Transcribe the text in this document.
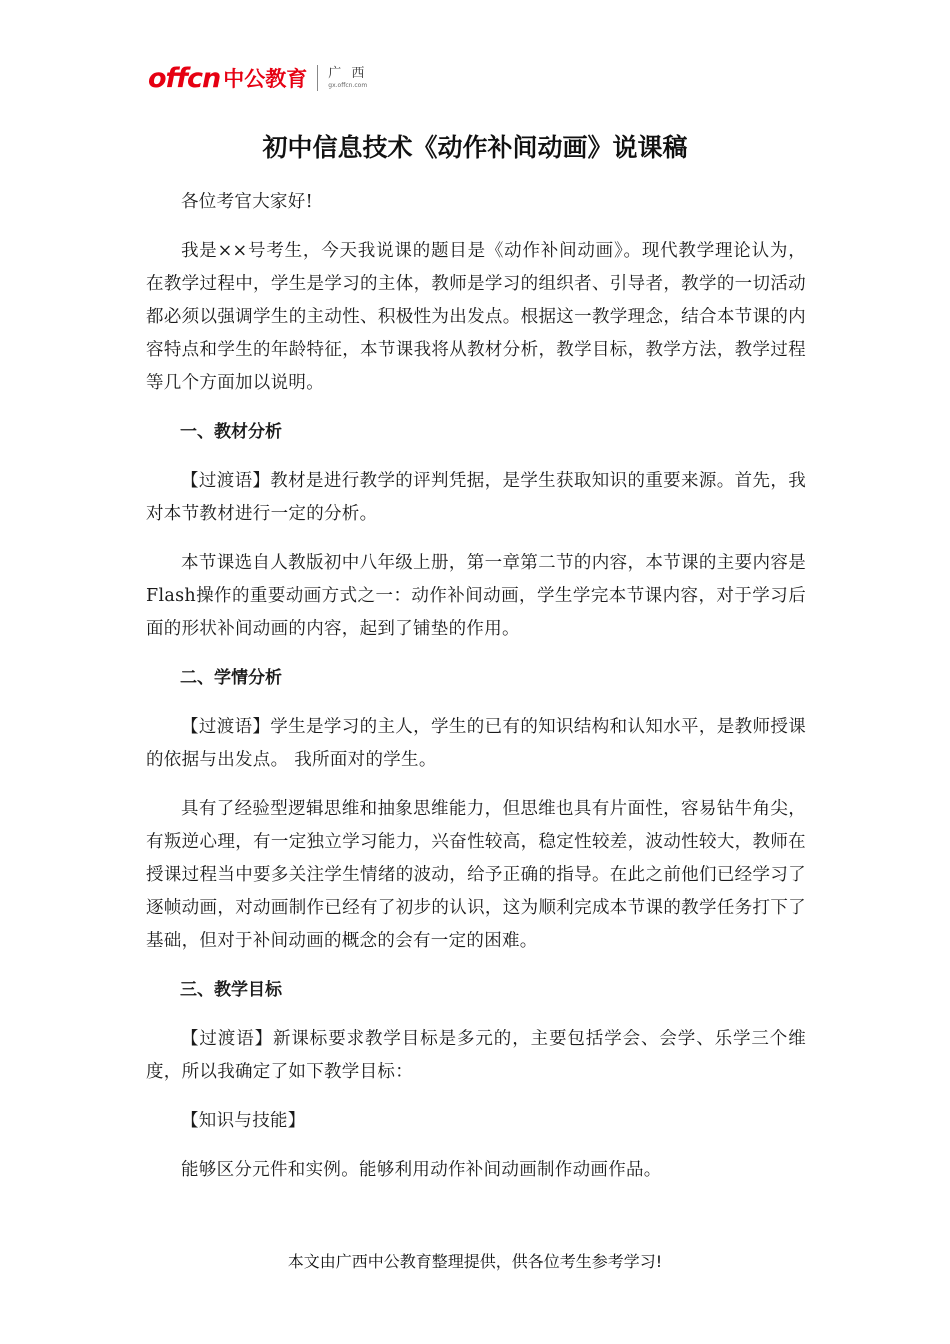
offcn 中公教育 广 西
gx.offcn.com
初中信息技术《动作补间动画》说课稿
各位考官大家好!
我是××号考生，今天我说课的题目是《动作补间动画》。现代教学理论认为，在教学过程中，学生是学习的主体，教师是学习的组织者、引导者，教学的一切活动都必须以强调学生的主动性、积极性为出发点。根据这一教学理念，结合本节课的内容特点和学生的年龄特征，本节课我将从教材分析，教学目标，教学方法，教学过程等几个方面加以说明。
一、教材分析
【过渡语】教材是进行教学的评判凭据，是学生获取知识的重要来源。首先，我对本节教材进行一定的分析。
本节课选自人教版初中八年级上册，第一章第二节的内容，本节课的主要内容是Flash操作的重要动画方式之一：动作补间动画，学生学完本节课内容，对于学习后面的形状补间动画的内容，起到了铺垫的作用。
二、学情分析
【过渡语】学生是学习的主人，学生的已有的知识结构和认知水平，是教师授课的依据与出发点。 我所面对的学生。
具有了经验型逻辑思维和抽象思维能力，但思维也具有片面性，容易钻牛角尖，有叛逆心理，有一定独立学习能力，兴奋性较高，稳定性较差，波动性较大，教师在授课过程当中要多关注学生情绪的波动，给予正确的指导。在此之前他们已经学习了逐帧动画，对动画制作已经有了初步的认识，这为顺利完成本节课的教学任务打下了基础，但对于补间动画的概念的会有一定的困难。
三、教学目标
【过渡语】新课标要求教学目标是多元的，主要包括学会、会学、乐学三个维度，所以我确定了如下教学目标：
【知识与技能】
能够区分元件和实例。能够利用动作补间动画制作动画作品。
本文由广西中公教育整理提供，供各位考生参考学习!
